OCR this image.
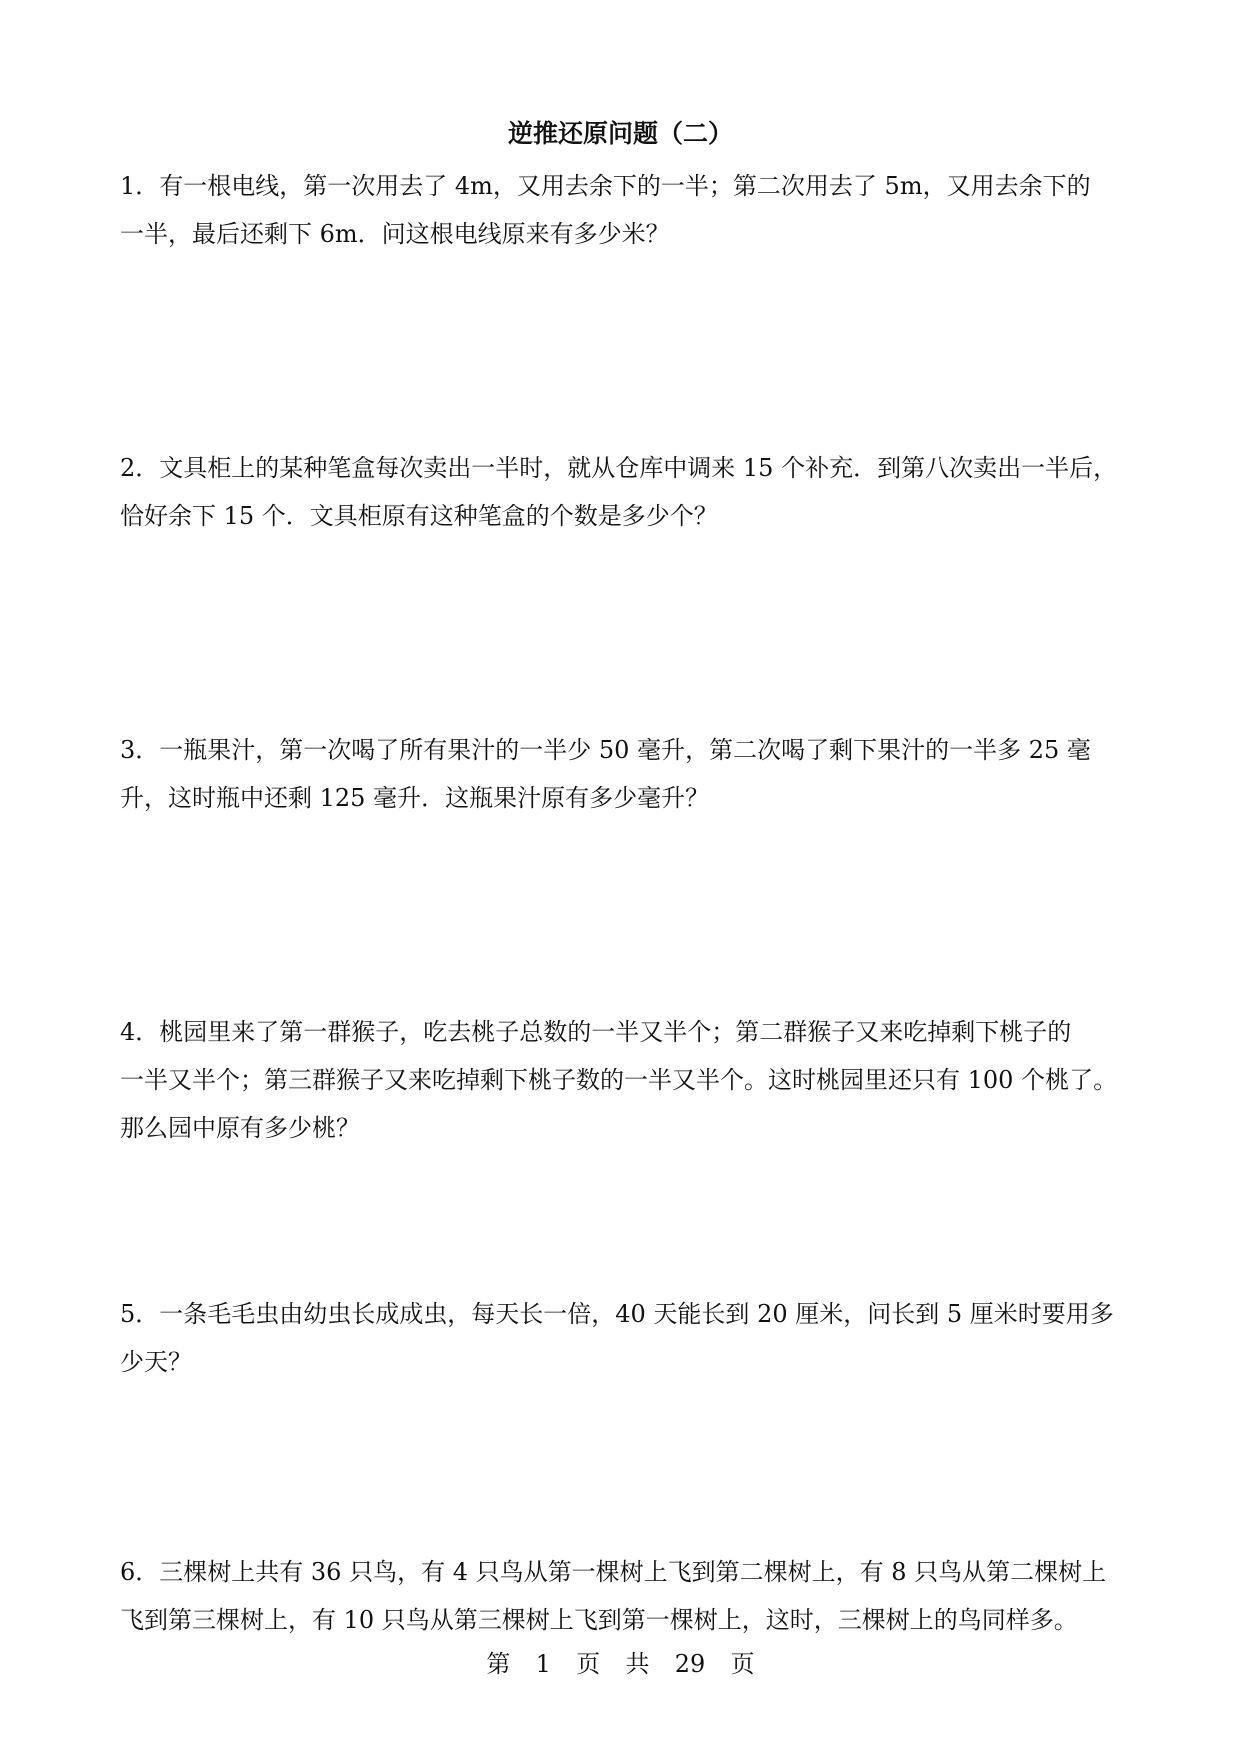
逆推还原问题（二）
1．有一根电线，第一次用去了 4m，又用去余下的一半；第二次用去了 5m，又用去余下的
一半，最后还剩下 6m．问这根电线原来有多少米？
2．文具柜上的某种笔盒每次卖出一半时，就从仓库中调来 15 个补充．到第八次卖出一半后，
恰好余下 15 个．文具柜原有这种笔盒的个数是多少个？
3．一瓶果汁，第一次喝了所有果汁的一半少 50 毫升，第二次喝了剩下果汁的一半多 25 毫
升，这时瓶中还剩 125 毫升．这瓶果汁原有多少毫升？
4．桃园里来了第一群猴子，吃去桃子总数的一半又半个；第二群猴子又来吃掉剩下桃子的
一半又半个；第三群猴子又来吃掉剩下桃子数的一半又半个。这时桃园里还只有 100 个桃了。
那么园中原有多少桃？
5．一条毛毛虫由幼虫长成成虫，每天长一倍，40 天能长到 20 厘米，问长到 5 厘米时要用多
少天？
6．三棵树上共有 36 只鸟，有 4 只鸟从第一棵树上飞到第二棵树上，有 8 只鸟从第二棵树上
飞到第三棵树上，有 10 只鸟从第三棵树上飞到第一棵树上，这时，三棵树上的鸟同样多。
第 1 页 共 29 页
